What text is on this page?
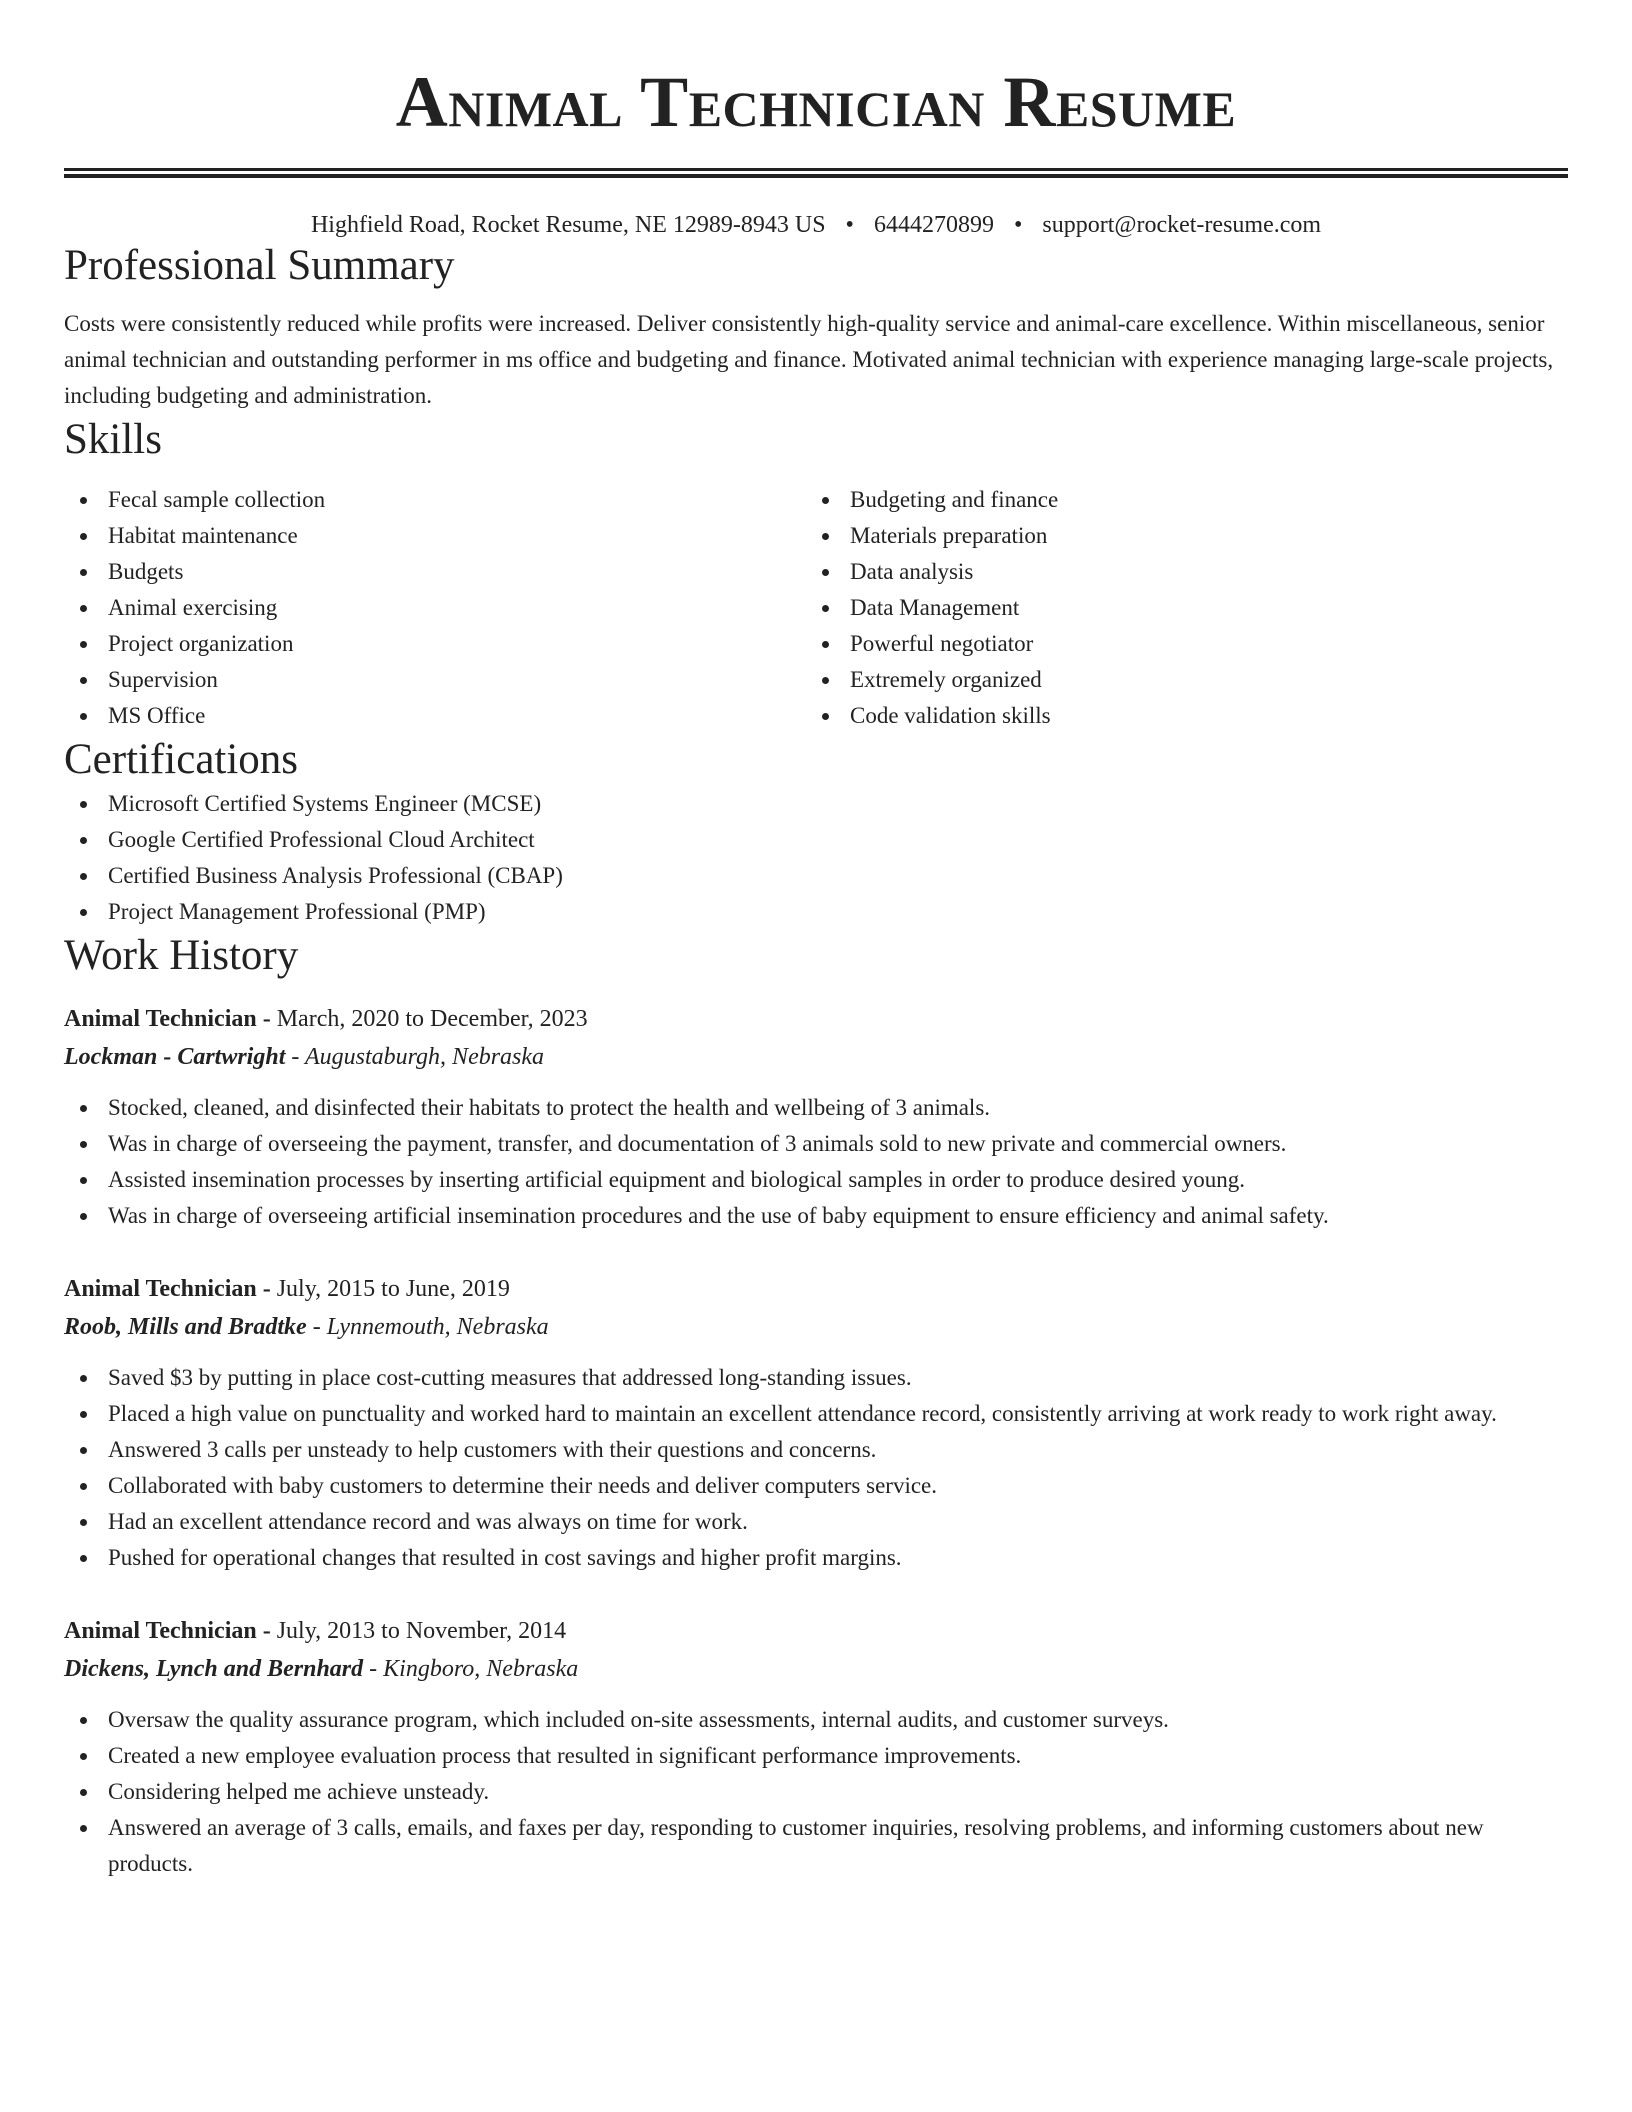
Animal Technician Resume
Highfield Road, Rocket Resume, NE 12989-8943 US • 6444270899 • support@rocket-resume.com
Professional Summary

Costs were consistently reduced while profits were increased. Deliver consistently high-quality service and animal-care excellence. Within miscellaneous, senior animal technician and outstanding performer in ms office and budgeting and finance. Motivated animal technician with experience managing large-scale projects, including budgeting and administration.

Skills
Fecal sample collection
Habitat maintenance
Budgets
Animal exercising
Project organization
Supervision
MS Office
Budgeting and finance
Materials preparation
Data analysis
Data Management
Powerful negotiator
Extremely organized
Code validation skills
Certifications
Microsoft Certified Systems Engineer (MCSE)
Google Certified Professional Cloud Architect
Certified Business Analysis Professional (CBAP)
Project Management Professional (PMP)
Work History
Animal Technician - March, 2020 to December, 2023
Lockman - Cartwright - Augustaburgh, Nebraska
Stocked, cleaned, and disinfected their habitats to protect the health and wellbeing of 3 animals.
Was in charge of overseeing the payment, transfer, and documentation of 3 animals sold to new private and commercial owners.
Assisted insemination processes by inserting artificial equipment and biological samples in order to produce desired young.
Was in charge of overseeing artificial insemination procedures and the use of baby equipment to ensure efficiency and animal safety.
Animal Technician - July, 2015 to June, 2019
Roob, Mills and Bradtke - Lynnemouth, Nebraska
Saved $3 by putting in place cost-cutting measures that addressed long-standing issues.
Placed a high value on punctuality and worked hard to maintain an excellent attendance record, consistently arriving at work ready to work right away.
Answered 3 calls per unsteady to help customers with their questions and concerns.
Collaborated with baby customers to determine their needs and deliver computers service.
Had an excellent attendance record and was always on time for work.
Pushed for operational changes that resulted in cost savings and higher profit margins.
Animal Technician - July, 2013 to November, 2014
Dickens, Lynch and Bernhard - Kingboro, Nebraska
Oversaw the quality assurance program, which included on-site assessments, internal audits, and customer surveys.
Created a new employee evaluation process that resulted in significant performance improvements.
Considering helped me achieve unsteady.
Answered an average of 3 calls, emails, and faxes per day, responding to customer inquiries, resolving problems, and informing customers about new products.
